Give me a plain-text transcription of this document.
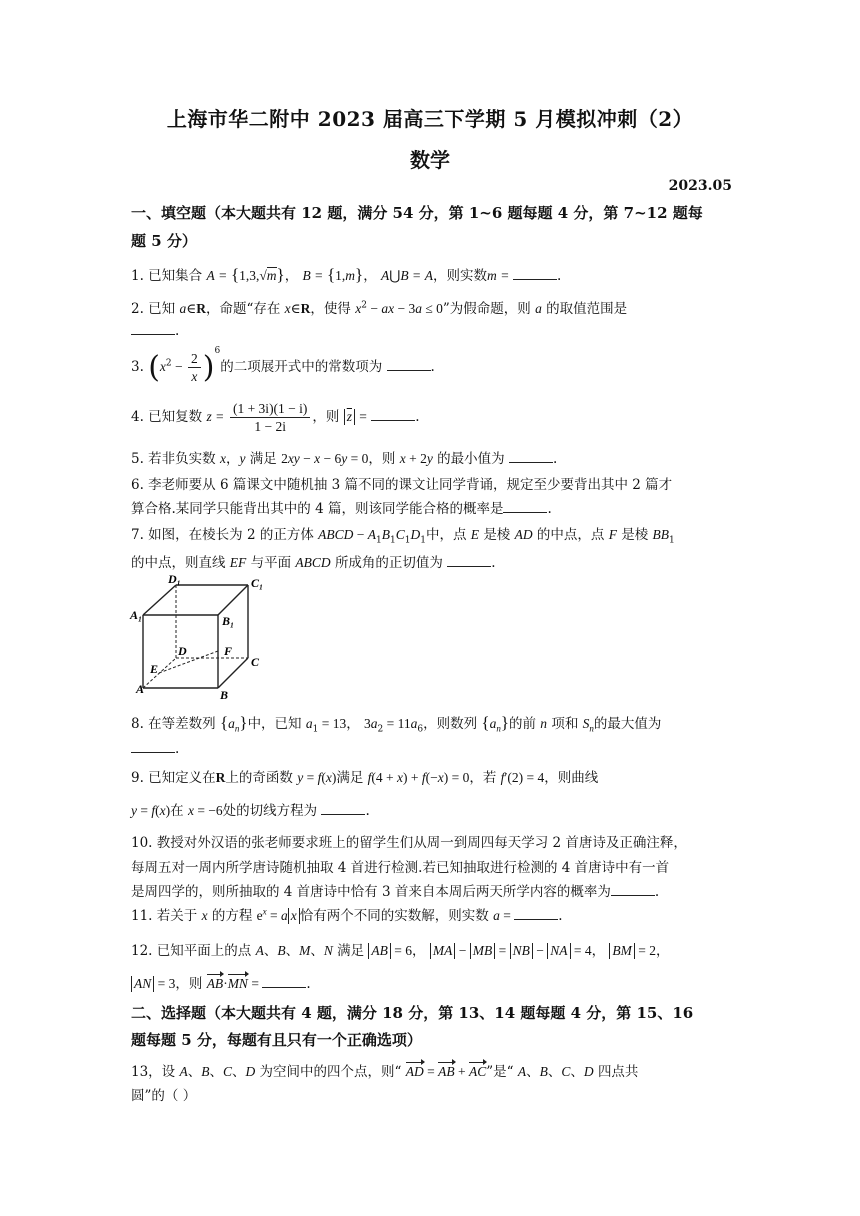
上海市华二附中 2023 届高三下学期 5 月模拟冲刺（2）
数学
2023.05
一、填空题（本大题共有 12 题，满分 54 分，第 1~6 题每题 4 分，第 7~12 题每
题 5 分）
1. 已知集合 A = {1,3,√m}， B = {1,m}， A⋃B = A，则实数m =	.
2. 已知 a∈R，命题“存在 x∈R，使得 $x^2$ − ax − 3a ≤ 0”为假命题，则 a 的取值范围是
.
3. $(x^2 - \frac{2}{x} )^6$的二项展开式中的常数项为	.
4. 已知复数 $z = \frac{(1 + 3i)(1 - i)}{1 - 2i}$ ，则 $\overline{z}$ =	.
5. 若非负实数 x，y 满足 2xy − x − 6y = 0，则 x + 2y 的最小值为	.
6. 李老师要从 6 篇课文中随机抽 3 篇不同的课文让同学背诵，规定至少要背出其中 2 篇才
算合格.某同学只能背出其中的 4 篇，则该同学能合格的概率是	.
7. 如图，在棱长为 2 的正方体 ABCD − $A_1B_1C_1D_1$中，点 E 是棱 AD 的中点，点 F 是棱 $BB_1$
的中点，则直线 EF 与平面 ABCD 所成角的正切值为	.
D₁	C₁
A₁	B₁
D	F
C
E
A	B
8. 在等差数列 $\{a_n\}$中，已知 $a_1 = 13$， $3a_2 = 11a_6$，则数列 $\{a_n\}$的前 n 项和 $S_n$的最大值为
.
9. 已知定义在R上的奇函数 y = f(x)满足 f(4 + x) + f(−x) = 0，若 f′(2) = 4，则曲线
y = f(x)在 x = −6处的切线方程为	.
10. 教授对外汉语的张老师要求班上的留学生们从周一到周四每天学习 2 首唐诗及正确注释，
每周五对一周内所学唐诗随机抽取 4 首进行检测.若已知抽取进行检测的 4 首唐诗中有一首
是周四学的，则所抽取的 4 首唐诗中恰有 3 首来自本周后两天所学内容的概率为	.
11. 若关于 x 的方程 $e^x = a$ x 恰有两个不同的实数解，则实数 a =	.
12. 已知平面上的点 A、B、M、N 满足 AB = 6， MA − MB = NB − NA = 4， BM = 2，
AN = 3，则 AB·MN =	.
二、选择题（本大题共有 4 题，满分 18 分，第 13、14 题每题 4 分，第 15、16
题每题 5 分，每题有且只有一个正确选项）
13，设 A、B、C、D 为空间中的四个点，则“ AD = AB + AC”是“ A、B、C、D 四点共
圆”的（ ）
